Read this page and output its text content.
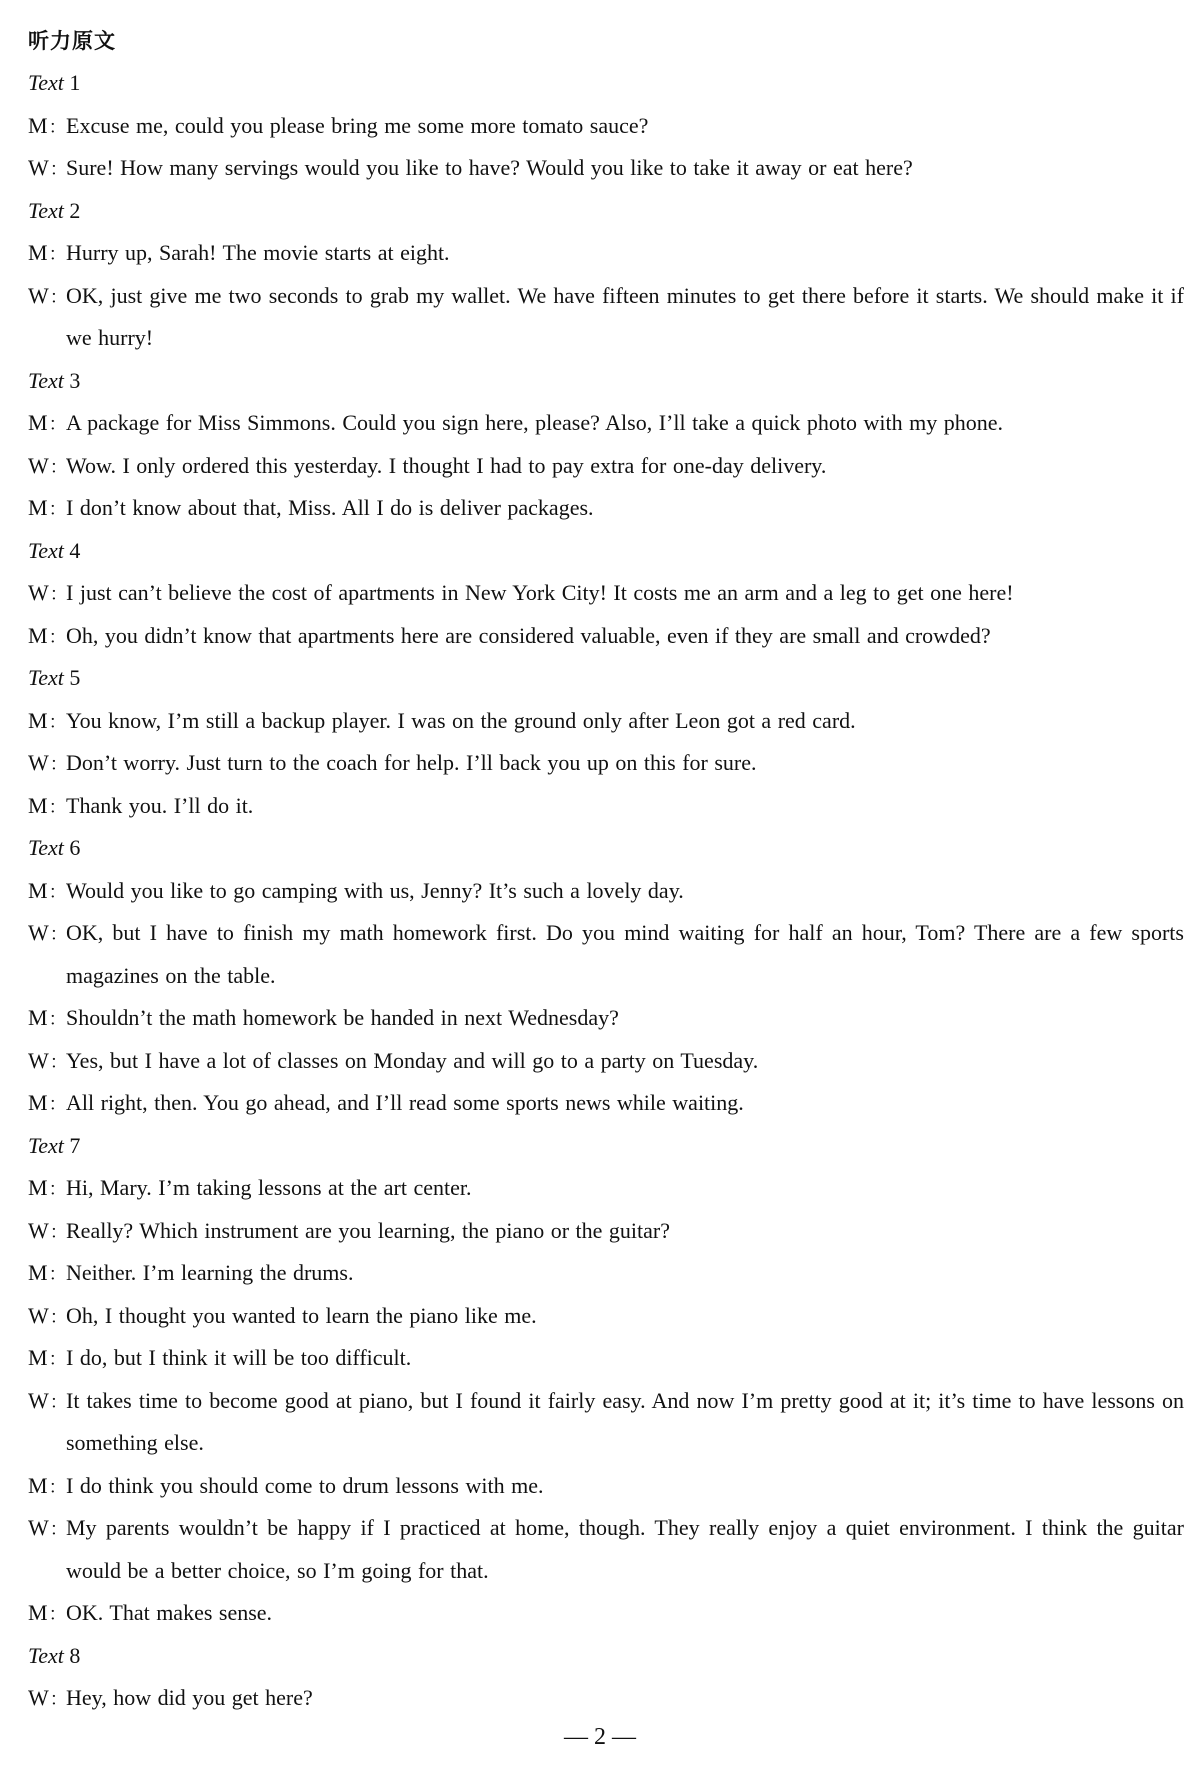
听力原文
Text 1
M： Excuse me, could you please bring me some more tomato sauce?
W：
Sure! How many servings would you like to have? Would you like to take it away or eat here?
Text 2
M： Hurry up, Sarah! The movie starts at eight.
W：
OK, just give me two seconds to grab my wallet. We have fifteen minutes to get there before it starts. We should make it if we hurry!
Text 3
M： A package for Miss Simmons. Could you sign here, please? Also, I’ll take a quick photo with my phone.
W：
Wow. I only ordered this yesterday. I thought I had to pay extra for one-day delivery.
M： I don’t know about that, Miss. All I do is deliver packages.
Text 4
W：
I just can’t believe the cost of apartments in New York City! It costs me an arm and a leg to get one here!
M： Oh, you didn’t know that apartments here are considered valuable, even if they are small and crowded?
Text 5
M： You know, I’m still a backup player. I was on the ground only after Leon got a red card.
W：
Don’t worry. Just turn to the coach for help. I’ll back you up on this for sure.
M： Thank you. I’ll do it.
Text 6
M： Would you like to go camping with us, Jenny? It’s such a lovely day.
W：
OK, but I have to finish my math homework first. Do you mind waiting for half an hour, Tom? There are a few sports magazines on the table.
M： Shouldn’t the math homework be handed in next Wednesday?
W：
Yes, but I have a lot of classes on Monday and will go to a party on Tuesday.
M： All right, then. You go ahead, and I’ll read some sports news while waiting.
Text 7
M： Hi, Mary. I’m taking lessons at the art center.
W：
Really? Which instrument are you learning, the piano or the guitar?
M： Neither. I’m learning the drums.
W：
Oh, I thought you wanted to learn the piano like me.
M： I do, but I think it will be too difficult.
W：
It takes time to become good at piano, but I found it fairly easy. And now I’m pretty good at it; it’s time to have lessons on something else.
M： I do think you should come to drum lessons with me.
W：
My parents wouldn’t be happy if I practiced at home, though. They really enjoy a quiet environment. I think the guitar would be a better choice, so I’m going for that.
M： OK. That makes sense.
Text 8
W：
Hey, how did you get here?
— 2 —
